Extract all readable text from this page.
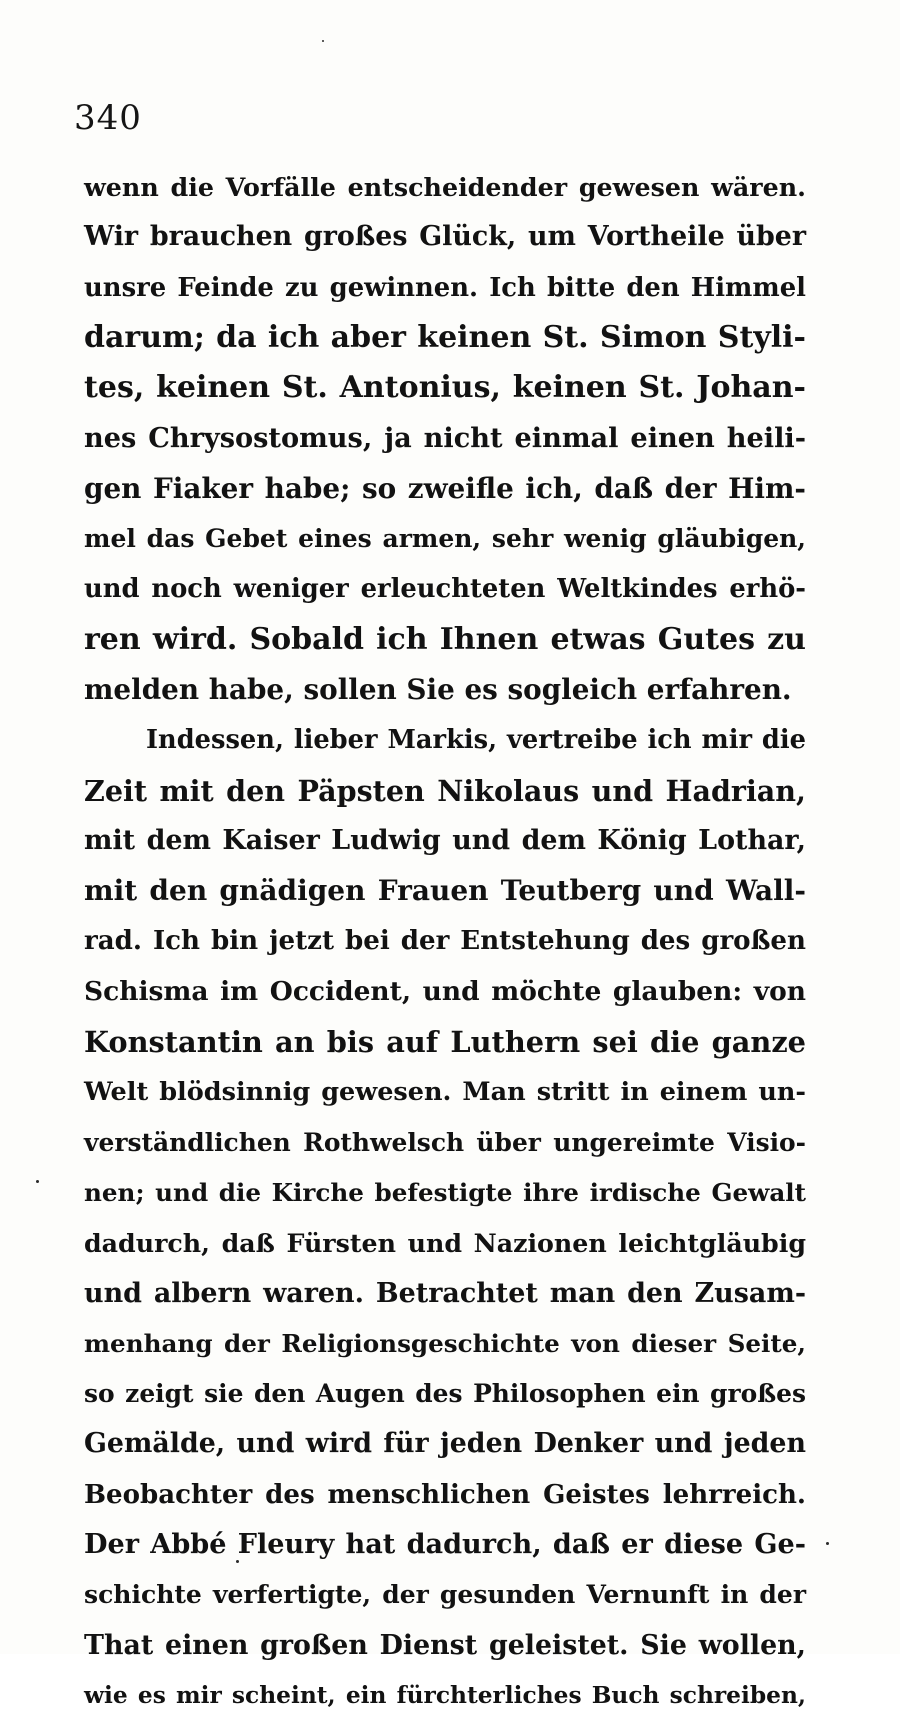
340
wenn die Vorfälle entscheidender gewesen wären.
Wir brauchen großes Glück, um Vortheile über
unsre Feinde zu gewinnen. Ich bitte den Himmel
darum; da ich aber keinen St. Simon Styli-
tes, keinen St. Antonius, keinen St. Johan-
nes Chrysostomus, ja nicht einmal einen heili-
gen Fiaker habe; so zweifle ich, daß der Him-
mel das Gebet eines armen, sehr wenig gläubigen,
und noch weniger erleuchteten Weltkindes erhö-
ren wird. Sobald ich Ihnen etwas Gutes zu
melden habe, sollen Sie es sogleich erfahren.
Indessen, lieber Markis, vertreibe ich mir die
Zeit mit den Päpsten Nikolaus und Hadrian,
mit dem Kaiser Ludwig und dem König Lothar,
mit den gnädigen Frauen Teutberg und Wall-
rad. Ich bin jetzt bei der Entstehung des großen
Schisma im Occident, und möchte glauben: von
Konstantin an bis auf Luthern sei die ganze
Welt blödsinnig gewesen. Man stritt in einem un-
verständlichen Rothwelsch über ungereimte Visio-
nen; und die Kirche befestigte ihre irdische Gewalt
dadurch, daß Fürsten und Nazionen leichtgläubig
und albern waren. Betrachtet man den Zusam-
menhang der Religionsgeschichte von dieser Seite,
so zeigt sie den Augen des Philosophen ein großes
Gemälde, und wird für jeden Denker und jeden
Beobachter des menschlichen Geistes lehrreich.
Der Abbé Fleury hat dadurch, daß er diese Ge-
schichte verfertigte, der gesunden Vernunft in der
That einen großen Dienst geleistet. Sie wollen,
wie es mir scheint, ein fürchterliches Buch schreiben,
